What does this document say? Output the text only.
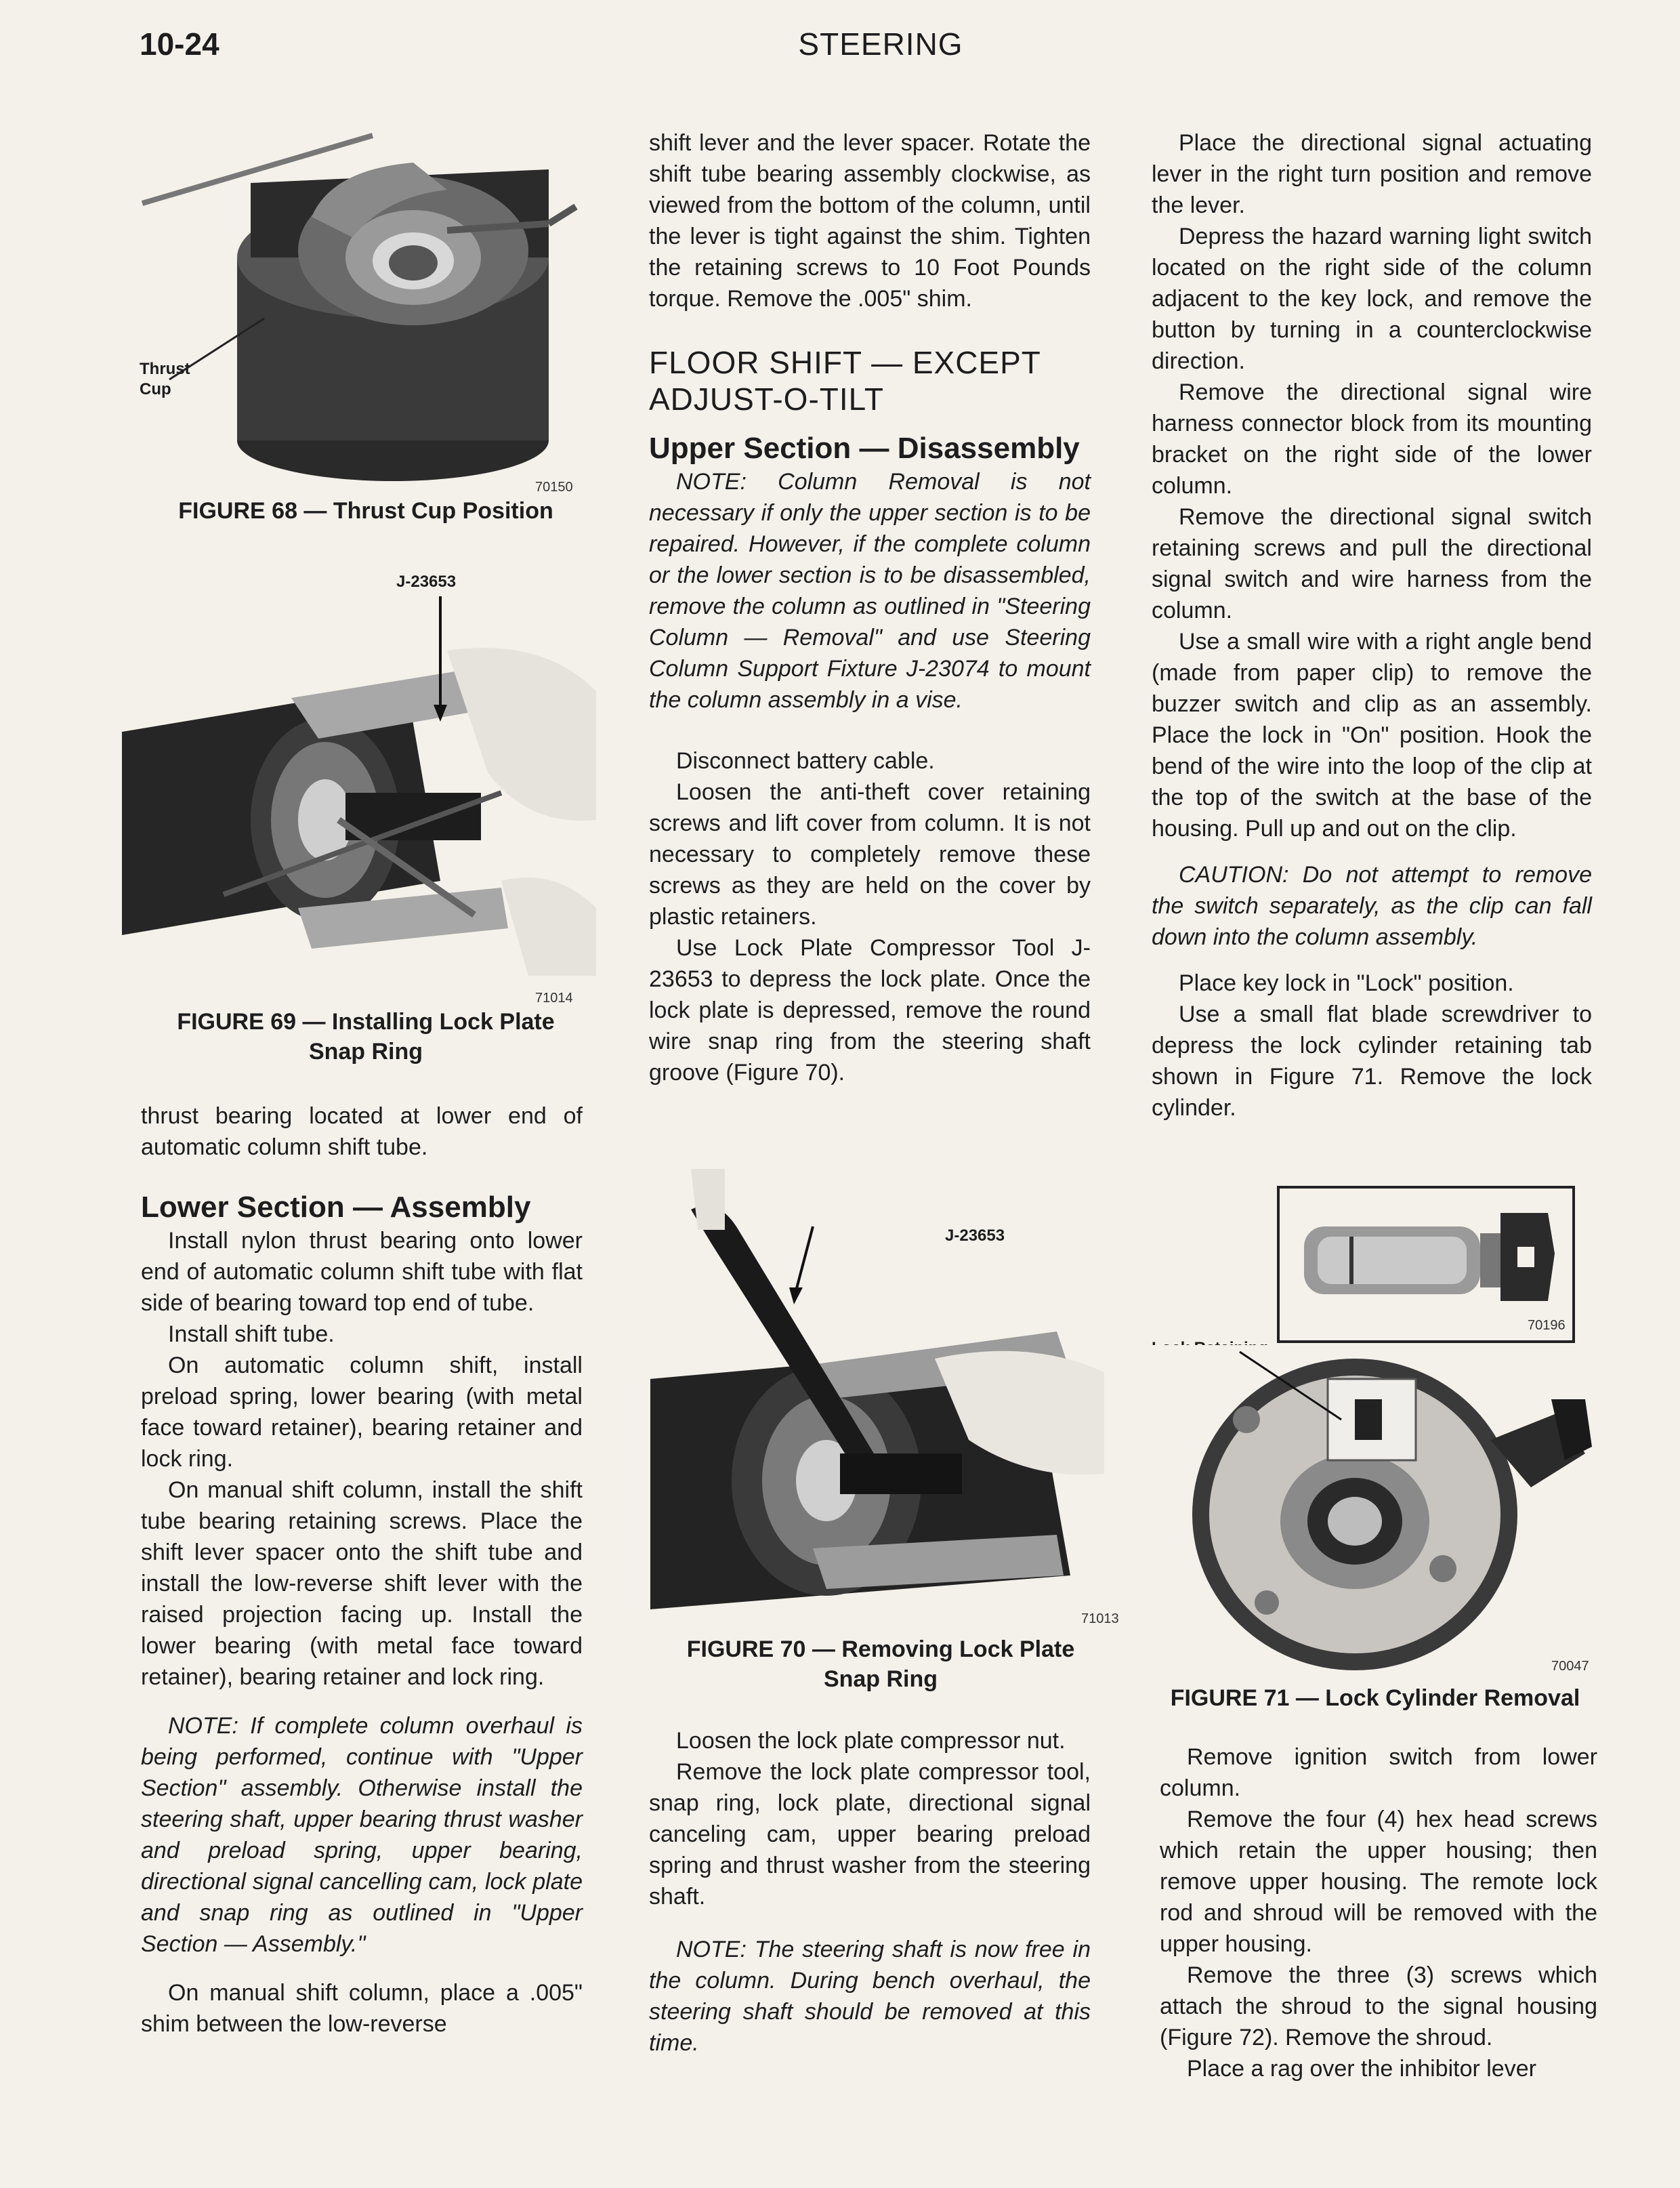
10-24	STEERING
Thrust Cup
70150
FIGURE 68 — Thrust Cup Position
J-23653
71014
FIGURE 69 — Installing Lock Plate
Snap Ring

thrust bearing located at lower end of automatic column shift tube.

Lower Section — Assembly

Install nylon thrust bearing onto lower end of automatic column shift tube with flat side of bearing toward top end of tube.

Install shift tube.

On automatic column shift, install preload spring, lower bearing (with metal face toward retainer), bearing retainer and lock ring.

On manual shift column, install the shift tube bearing retaining screws. Place the shift lever spacer onto the shift tube and install the low-reverse shift lever with the raised projection facing up. Install the lower bearing (with metal face toward retainer), bearing retainer and lock ring.

NOTE: If complete column overhaul is being performed, continue with "Upper Section" assembly. Otherwise install the steering shaft, upper bearing thrust washer and preload spring, upper bearing, directional signal cancelling cam, lock plate and snap ring as outlined in "Upper Section — Assembly."

On manual shift column, place a .005" shim between the low-reverse

shift lever and the lever spacer. Rotate the shift tube bearing assembly clockwise, as viewed from the bottom of the column, until the lever is tight against the shim. Tighten the retaining screws to 10 Foot Pounds torque. Remove the .005" shim.

FLOOR SHIFT — EXCEPT
ADJUST-O-TILT
Upper Section — Disassembly

NOTE: Column Removal is not necessary if only the upper section is to be repaired. However, if the complete column or the lower section is to be disassembled, remove the column as outlined in "Steering Column — Removal" and use Steering Column Support Fixture J-23074 to mount the column assembly in a vise.

Disconnect battery cable.

Loosen the anti-theft cover retaining screws and lift cover from column. It is not necessary to completely remove these screws as they are held on the cover by plastic retainers.

Use Lock Plate Compressor Tool J-23653 to depress the lock plate. Once the lock plate is depressed, remove the round wire snap ring from the steering shaft groove (Figure 70).

J-23653
71013
FIGURE 70 — Removing Lock Plate
Snap Ring

Loosen the lock plate compressor nut.

Remove the lock plate compressor tool, snap ring, lock plate, directional signal canceling cam, upper bearing preload spring and thrust washer from the steering shaft.

NOTE: The steering shaft is now free in the column. During bench overhaul, the steering shaft should be removed at this time.

Place the directional signal actuating lever in the right turn position and remove the lever.

Depress the hazard warning light switch located on the right side of the column adjacent to the key lock, and remove the button by turning in a counterclockwise direction.

Remove the directional signal wire harness connector block from its mounting bracket on the right side of the lower column.

Remove the directional signal switch retaining screws and pull the directional signal switch and wire harness from the column.

Use a small wire with a right angle bend (made from paper clip) to remove the buzzer switch and clip as an assembly. Place the lock in "On" position. Hook the bend of the wire into the loop of the clip at the top of the switch at the base of the housing. Pull up and out on the clip.

CAUTION: Do not attempt to remove the switch separately, as the clip can fall down into the column assembly.

Place key lock in "Lock" position.

Use a small flat blade screwdriver to depress the lock cylinder retaining tab shown in Figure 71. Remove the lock cylinder.

70196
70047
FIGURE 71 — Lock Cylinder Removal

Remove ignition switch from lower column.

Remove the four (4) hex head screws which retain the upper housing; then remove upper housing. The remote lock rod and shroud will be removed with the upper housing.

Remove the three (3) screws which attach the shroud to the signal housing (Figure 72). Remove the shroud.

Place a rag over the inhibitor lever
